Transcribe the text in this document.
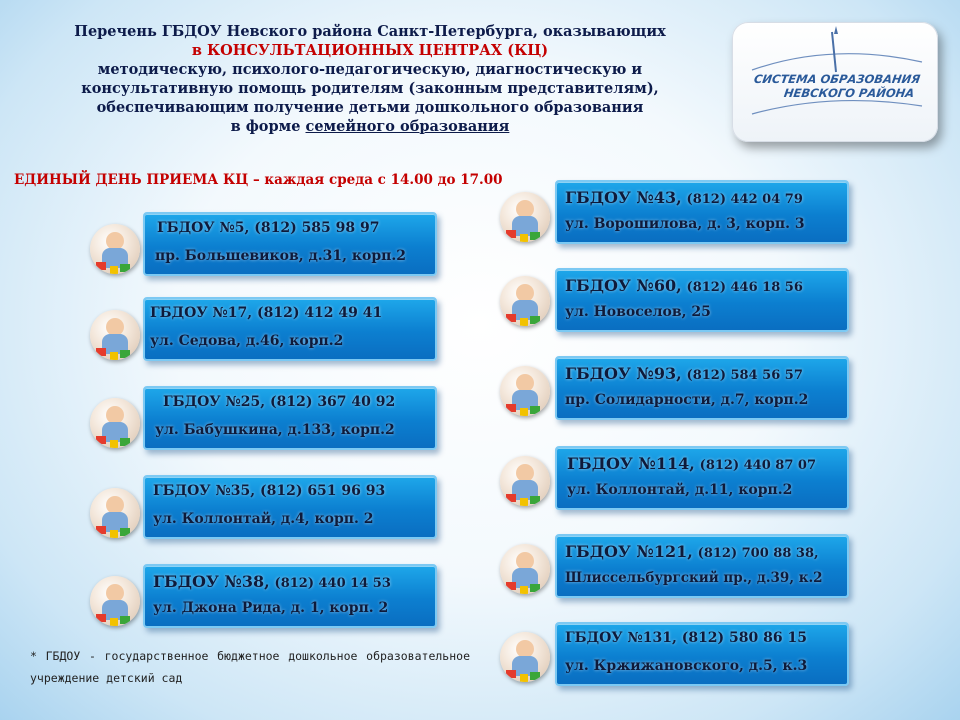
Перечень ГБДОУ Невского района Санкт-Петербурга, оказывающих
в КОНСУЛЬТАЦИОННЫХ ЦЕНТРАХ (КЦ)
методическую, психолого-педагогическую, диагностическую и
консультативную помощь родителям (законным представителям),
обеспечивающим получение детьми дошкольного образования
в форме семейного образования
ЕДИНЫЙ ДЕНЬ ПРИЕМА КЦ – каждая среда с 14.00 до 17.00
СИСТЕМА ОБРАЗОВАНИЯ
НЕВСКОГО РАЙОНА
ГБДОУ №5, (812) 585 98 97
пр. Большевиков, д.31, корп.2
ГБДОУ №17, (812) 412 49 41
ул. Седова, д.46, корп.2
ГБДОУ №25, (812) 367 40 92
ул. Бабушкина, д.133, корп.2
ГБДОУ №35, (812) 651 96 93
ул. Коллонтай, д.4, корп. 2
ГБДОУ №38, (812) 440 14 53
ул. Джона Рида, д. 1, корп. 2
ГБДОУ №43, (812) 442 04 79
ул. Ворошилова, д. 3, корп. 3
ГБДОУ №60, (812) 446 18 56
ул. Новоселов, 25
ГБДОУ №93, (812) 584 56 57
пр. Солидарности, д.7, корп.2
ГБДОУ №114, (812) 440 87 07
ул. Коллонтай, д.11, корп.2
ГБДОУ №121, (812) 700 88 38,
Шлиссельбургский пр., д.39, к.2
ГБДОУ №131, (812) 580 86 15
ул. Кржижановского, д.5, к.3
* ГБДОУ - государственное бюджетное дошкольное образовательное учреждение детский сад
